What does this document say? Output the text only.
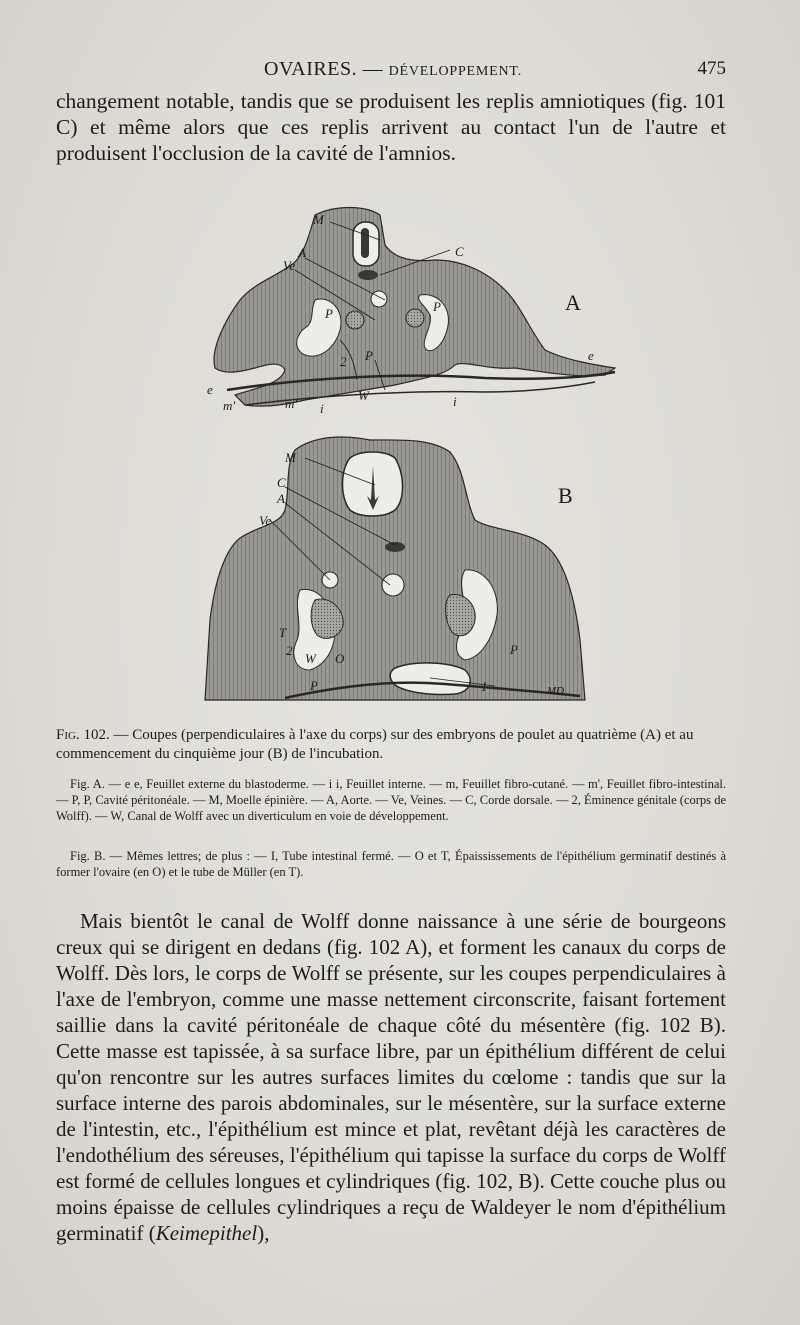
OVAIRES. — DÉVELOPPEMENT.	475

changement notable, tandis que se produisent les replis amniotiques (fig. 101 C) et même alors que ces replis arrivent au contact l'un de l'autre et produisent l'occlusion de la cavité de l'amnios.

M
A
Ve
C
P	P
P
2
A
e
e
m'	m' i	i
W
M
C
A
Ve
B
T
2
W O
P
P	I	MD

Fig. 102. — Coupes (perpendiculaires à l'axe du corps) sur des embryons de poulet au quatrième (A) et au commencement du cinquième jour (B) de l'incubation.

Fig. A. — e e, Feuillet externe du blastoderme. — i i, Feuillet interne. — m, Feuillet fibro-cutané. — m', Feuillet fibro-intestinal. — P, P, Cavité péritonéale. — M, Moelle épinière. — A, Aorte. — Ve, Veines. — C, Corde dorsale. — 2, Éminence génitale (corps de Wolff). — W, Canal de Wolff avec un diverticulum en voie de développement.

Fig. B. — Mêmes lettres; de plus : — I, Tube intestinal fermé. — O et T, Épaississements de l'épithélium germinatif destinés à former l'ovaire (en O) et le tube de Müller (en T).

Mais bientôt le canal de Wolff donne naissance à une série de bourgeons creux qui se dirigent en dedans (fig. 102 A), et forment les canaux du corps de Wolff. Dès lors, le corps de Wolff se présente, sur les coupes perpendiculaires à l'axe de l'embryon, comme une masse nettement circonscrite, faisant fortement saillie dans la cavité péritonéale de chaque côté du mésentère (fig. 102 B). Cette masse est tapissée, à sa surface libre, par un épithélium différent de celui qu'on rencontre sur les autres surfaces limites du cœlome : tandis que sur la surface interne des parois abdominales, sur le mésentère, sur la surface externe de l'intestin, etc., l'épithélium est mince et plat, revêtant déjà les caractères de l'endothélium des séreuses, l'épithélium qui tapisse la surface du corps de Wolff est formé de cellules longues et cylindriques (fig. 102, B). Cette couche plus ou moins épaisse de cellules cylindriques a reçu de Waldeyer le nom d'épithélium germinatif (Keimepithel),
